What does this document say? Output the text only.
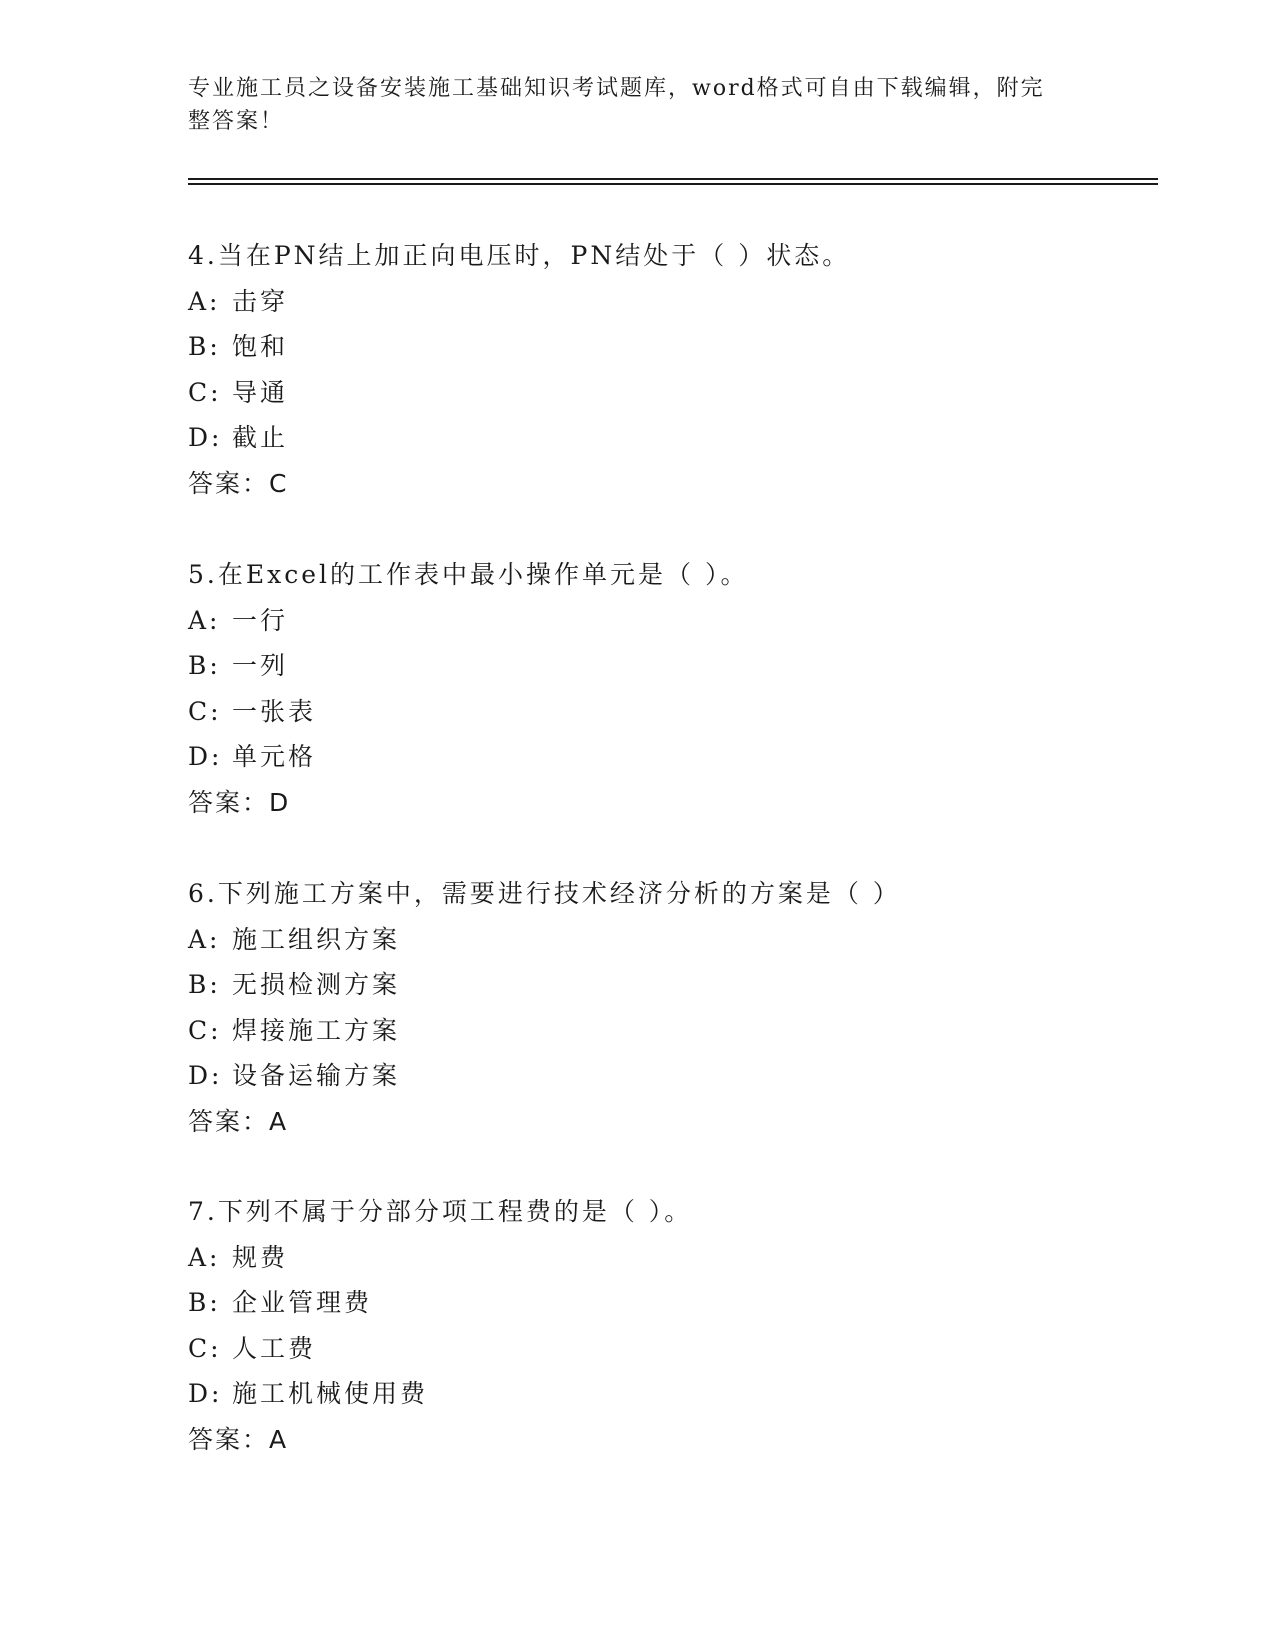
专业施工员之设备安装施工基础知识考试题库，word格式可自由下载编辑，附完整答案！
4.当在PN结上加正向电压时，PN结处于（ ）状态。
A: 击穿
B: 饱和
C: 导通
D: 截止
答案：C
5.在Excel的工作表中最小操作单元是（ ）。
A: 一行
B: 一列
C: 一张表
D: 单元格
答案：D
6.下列施工方案中，需要进行技术经济分析的方案是（ ）
A: 施工组织方案
B: 无损检测方案
C: 焊接施工方案
D: 设备运输方案
答案：A
7.下列不属于分部分项工程费的是（ ）。
A: 规费
B: 企业管理费
C: 人工费
D: 施工机械使用费
答案：A
